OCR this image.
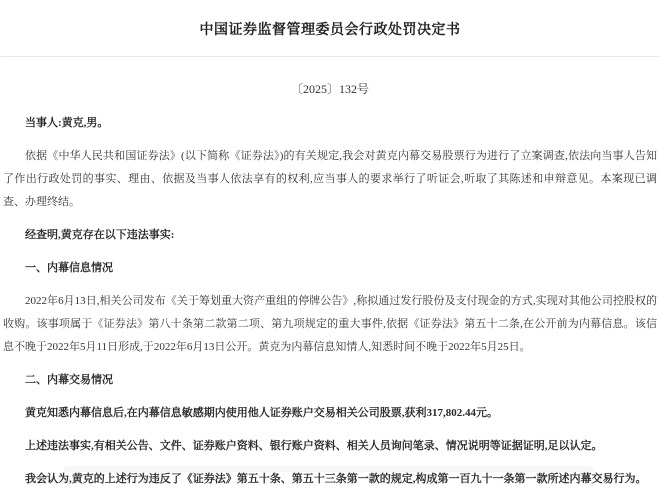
中国证券监督管理委员会行政处罚决定书
〔2025〕132号

当事人:黄克,男。

依据《中华人民共和国证券法》(以下简称《证券法》)的有关规定,我会对黄克内幕交易股票行为进行了立案调查,依法向当事人告知了作出行政处罚的事实、理由、依据及当事人依法享有的权利,应当事人的要求举行了听证会,听取了其陈述和申辩意见。本案现已调查、办理终结。

经查明,黄克存在以下违法事实:

一、内幕信息情况

2022年6月13日,相关公司发布《关于筹划重大资产重组的停牌公告》,称拟通过发行股份及支付现金的方式,实现对其他公司控股权的收购。该事项属于《证券法》第八十条第二款第二项、第九项规定的重大事件,依据《证券法》第五十二条,在公开前为内幕信息。该信息不晚于2022年5月11日形成,于2022年6月13日公开。黄克为内幕信息知情人,知悉时间不晚于2022年5月25日。

二、内幕交易情况

黄克知悉内幕信息后,在内幕信息敏感期内使用他人证券账户交易相关公司股票,获利317,802.44元。

上述违法事实,有相关公告、文件、证券账户资料、银行账户资料、相关人员询问笔录、情况说明等证据证明,足以认定。

我会认为,黄克的上述行为违反了《证券法》第五十条、第五十三条第一款的规定,构成第一百九十一条第一款所述内幕交易行为。
